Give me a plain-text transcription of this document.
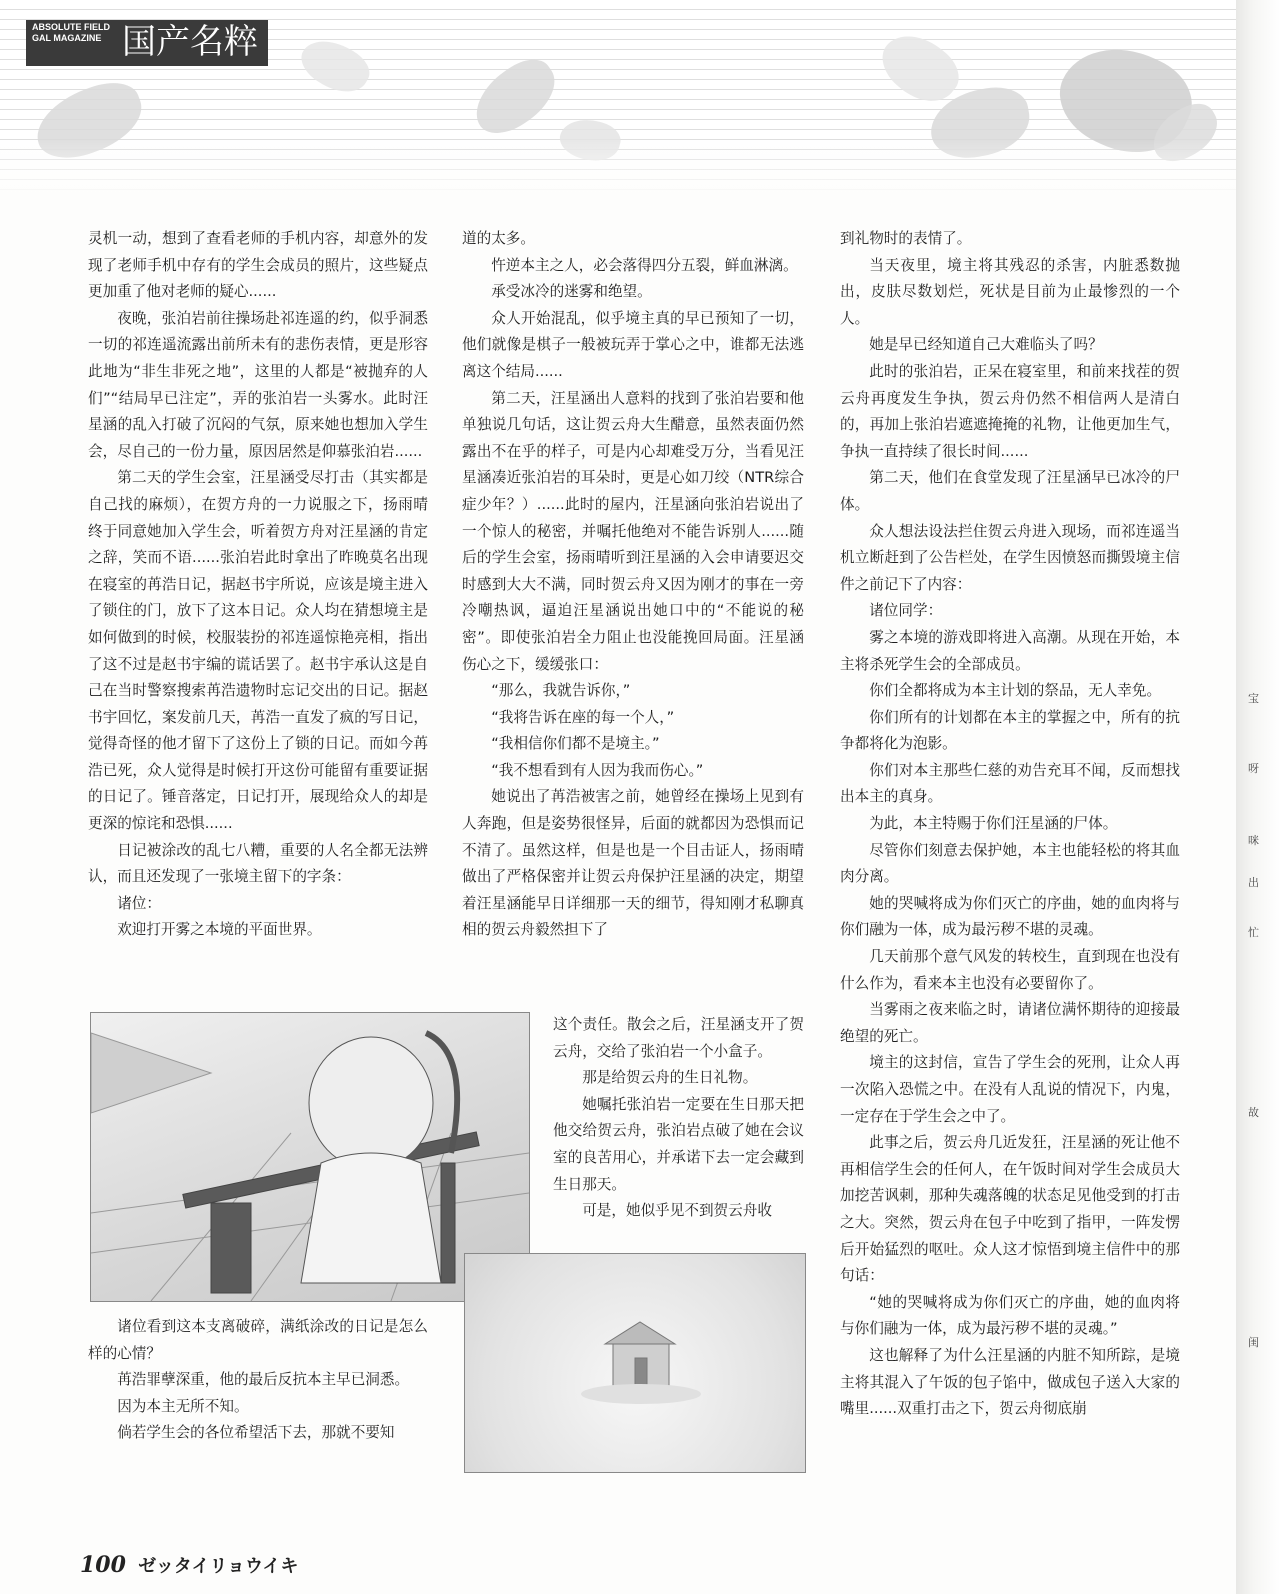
ABSOLUTE FIELD
GAL MAGAZINE 国产名粹

灵机一动，想到了查看老师的手机内容，却意外的发现了老师手机中存有的学生会成员的照片，这些疑点更加重了他对老师的疑心......

夜晚，张泊岩前往操场赴祁连遥的约，似乎洞悉一切的祁连遥流露出前所未有的悲伤表情，更是形容此地为“非生非死之地”，这里的人都是“被抛弃的人们”“结局早已注定”，弄的张泊岩一头雾水。此时汪星涵的乱入打破了沉闷的气氛，原来她也想加入学生会，尽自己的一份力量，原因居然是仰慕张泊岩......

第二天的学生会室，汪星涵受尽打击（其实都是自己找的麻烦），在贺方舟的一力说服之下，扬雨晴终于同意她加入学生会，听着贺方舟对汪星涵的肯定之辞，笑而不语......张泊岩此时拿出了昨晚莫名出现在寝室的苒浩日记，据赵书宇所说，应该是境主进入了锁住的门，放下了这本日记。众人均在猜想境主是如何做到的时候，校服装扮的祁连遥惊艳亮相，指出了这不过是赵书宇编的谎话罢了。赵书宇承认这是自己在当时警察搜索苒浩遗物时忘记交出的日记。据赵书宇回忆，案发前几天，苒浩一直发了疯的写日记，觉得奇怪的他才留下了这份上了锁的日记。而如今苒浩已死，众人觉得是时候打开这份可能留有重要证据的日记了。锤音落定，日记打开，展现给众人的却是更深的惊诧和恐惧......

日记被涂改的乱七八糟，重要的人名全都无法辨认，而且还发现了一张境主留下的字条：

诸位：

欢迎打开雾之本境的平面世界。

诸位看到这本支离破碎，满纸涂改的日记是怎么样的心情？

苒浩罪孽深重，他的最后反抗本主早已洞悉。

因为本主无所不知。

倘若学生会的各位希望活下去，那就不要知

道的太多。

忤逆本主之人，必会落得四分五裂，鲜血淋漓。

承受冰冷的迷雾和绝望。

众人开始混乱，似乎境主真的早已预知了一切，他们就像是棋子一般被玩弄于掌心之中，谁都无法逃离这个结局......

第二天，汪星涵出人意料的找到了张泊岩要和他单独说几句话，这让贺云舟大生醋意，虽然表面仍然露出不在乎的样子，可是内心却难受万分，当看见汪星涵凑近张泊岩的耳朵时，更是心如刀绞（NTR综合症少年？）......此时的屋内，汪星涵向张泊岩说出了一个惊人的秘密，并嘱托他绝对不能告诉别人......随后的学生会室，扬雨晴听到汪星涵的入会申请要迟交时感到大大不满，同时贺云舟又因为刚才的事在一旁冷嘲热讽，逼迫汪星涵说出她口中的“不能说的秘密”。即使张泊岩全力阻止也没能挽回局面。汪星涵伤心之下，缓缓张口：

“那么，我就告诉你，”

“我将告诉在座的每一个人，”

“我相信你们都不是境主。”

“我不想看到有人因为我而伤心。”

她说出了苒浩被害之前，她曾经在操场上见到有人奔跑，但是姿势很怪异，后面的就都因为恐惧而记不清了。虽然这样，但是也是一个目击证人，扬雨晴做出了严格保密并让贺云舟保护汪星涵的决定，期望着汪星涵能早日详细那一天的细节，得知刚才私聊真相的贺云舟毅然担下了

这个责任。散会之后，汪星涵支开了贺云舟，交给了张泊岩一个小盒子。

那是给贺云舟的生日礼物。

她嘱托张泊岩一定要在生日那天把他交给贺云舟，张泊岩点破了她在会议室的良苦用心，并承诺下去一定会藏到生日那天。

可是，她似乎见不到贺云舟收

到礼物时的表情了。

当天夜里，境主将其残忍的杀害，内脏悉数抛出，皮肤尽数划烂，死状是目前为止最惨烈的一个人。

她是早已经知道自己大难临头了吗？

此时的张泊岩，正呆在寝室里，和前来找茬的贺云舟再度发生争执，贺云舟仍然不相信两人是清白的，再加上张泊岩遮遮掩掩的礼物，让他更加生气，争执一直持续了很长时间......

第二天，他们在食堂发现了汪星涵早已冰冷的尸体。

众人想法设法拦住贺云舟进入现场，而祁连遥当机立断赶到了公告栏处，在学生因愤怒而撕毁境主信件之前记下了内容：

诸位同学：

雾之本境的游戏即将进入高潮。从现在开始，本主将杀死学生会的全部成员。

你们全都将成为本主计划的祭品，无人幸免。

你们所有的计划都在本主的掌握之中，所有的抗争都将化为泡影。

你们对本主那些仁慈的劝告充耳不闻，反而想找出本主的真身。

为此，本主特赐于你们汪星涵的尸体。

尽管你们刻意去保护她，本主也能轻松的将其血肉分离。

她的哭喊将成为你们灭亡的序曲，她的血肉将与你们融为一体，成为最污秽不堪的灵魂。

几天前那个意气风发的转校生，直到现在也没有什么作为，看来本主也没有必要留你了。

当雾雨之夜来临之时，请诸位满怀期待的迎接最绝望的死亡。

境主的这封信，宣告了学生会的死刑，让众人再一次陷入恐慌之中。在没有人乱说的情况下，内鬼，一定存在于学生会之中了。

此事之后，贺云舟几近发狂，汪星涵的死让他不再相信学生会的任何人，在午饭时间对学生会成员大加挖苦讽刺，那种失魂落魄的状态足见他受到的打击之大。突然，贺云舟在包子中吃到了指甲，一阵发愣后开始猛烈的呕吐。众人这才惊悟到境主信件中的那句话：

“她的哭喊将成为你们灭亡的序曲，她的血肉将与你们融为一体，成为最污秽不堪的灵魂。”

这也解释了为什么汪星涵的内脏不知所踪，是境主将其混入了午饭的包子馅中，做成包子送入大家的嘴里......双重打击之下，贺云舟彻底崩

100 ゼッタイリョウイキ
宝
呀
咪
出
忙
故
闺
